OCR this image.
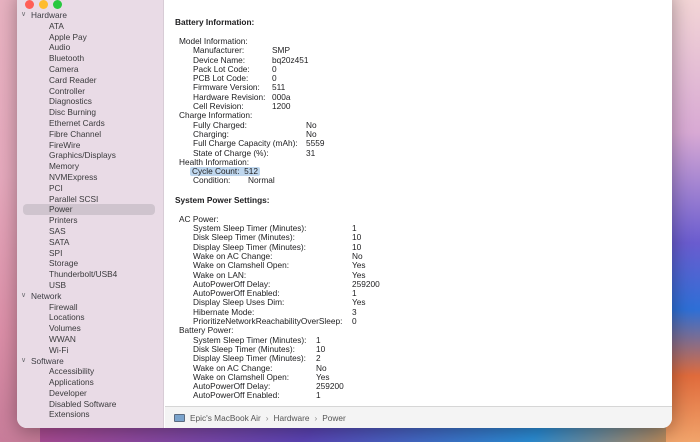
∨ Hardware
ATA
Apple Pay
Audio
Bluetooth
Camera
Card Reader
Controller
Diagnostics
Disc Burning
Ethernet Cards
Fibre Channel
FireWire
Graphics/Displays
Memory
NVMExpress
PCI
Parallel SCSI
Power
Printers
SAS
SATA
SPI
Storage
Thunderbolt/USB4
USB
∨ Network
Firewall
Locations
Volumes
WWAN
Wi-Fi
∨ Software
Accessibility
Applications
Developer
Disabled Software
Extensions
Battery Information:
Model Information:
Manufacturer:	SMP
Device Name:	bq20z451
Pack Lot Code:	0
PCB Lot Code:	0
Firmware Version:	511
Hardware Revision: 000a
Cell Revision:	1200
Charge Information:
Fully Charged:	No
Charging:	No
Full Charge Capacity (mAh):	5559
State of Charge (%):	31
Health Information:
Cycle Count: 512
Condition:	Normal
System Power Settings:
AC Power:
System Sleep Timer (Minutes):	1
Disk Sleep Timer (Minutes):	10
Display Sleep Timer (Minutes):	10
Wake on AC Change:	No
Wake on Clamshell Open:	Yes
Wake on LAN:	Yes
AutoPowerOff Delay:	259200
AutoPowerOff Enabled:	1
Display Sleep Uses Dim:	Yes
Hibernate Mode:	3
PrioritizeNetworkReachabilityOverSleep:	0
Battery Power:
System Sleep Timer (Minutes):	1
Disk Sleep Timer (Minutes):	10
Display Sleep Timer (Minutes):	2
Wake on AC Change:	No
Wake on Clamshell Open:	Yes
AutoPowerOff Delay:	259200
AutoPowerOff Enabled:	1
Epic's MacBook Air › Hardware › Power
